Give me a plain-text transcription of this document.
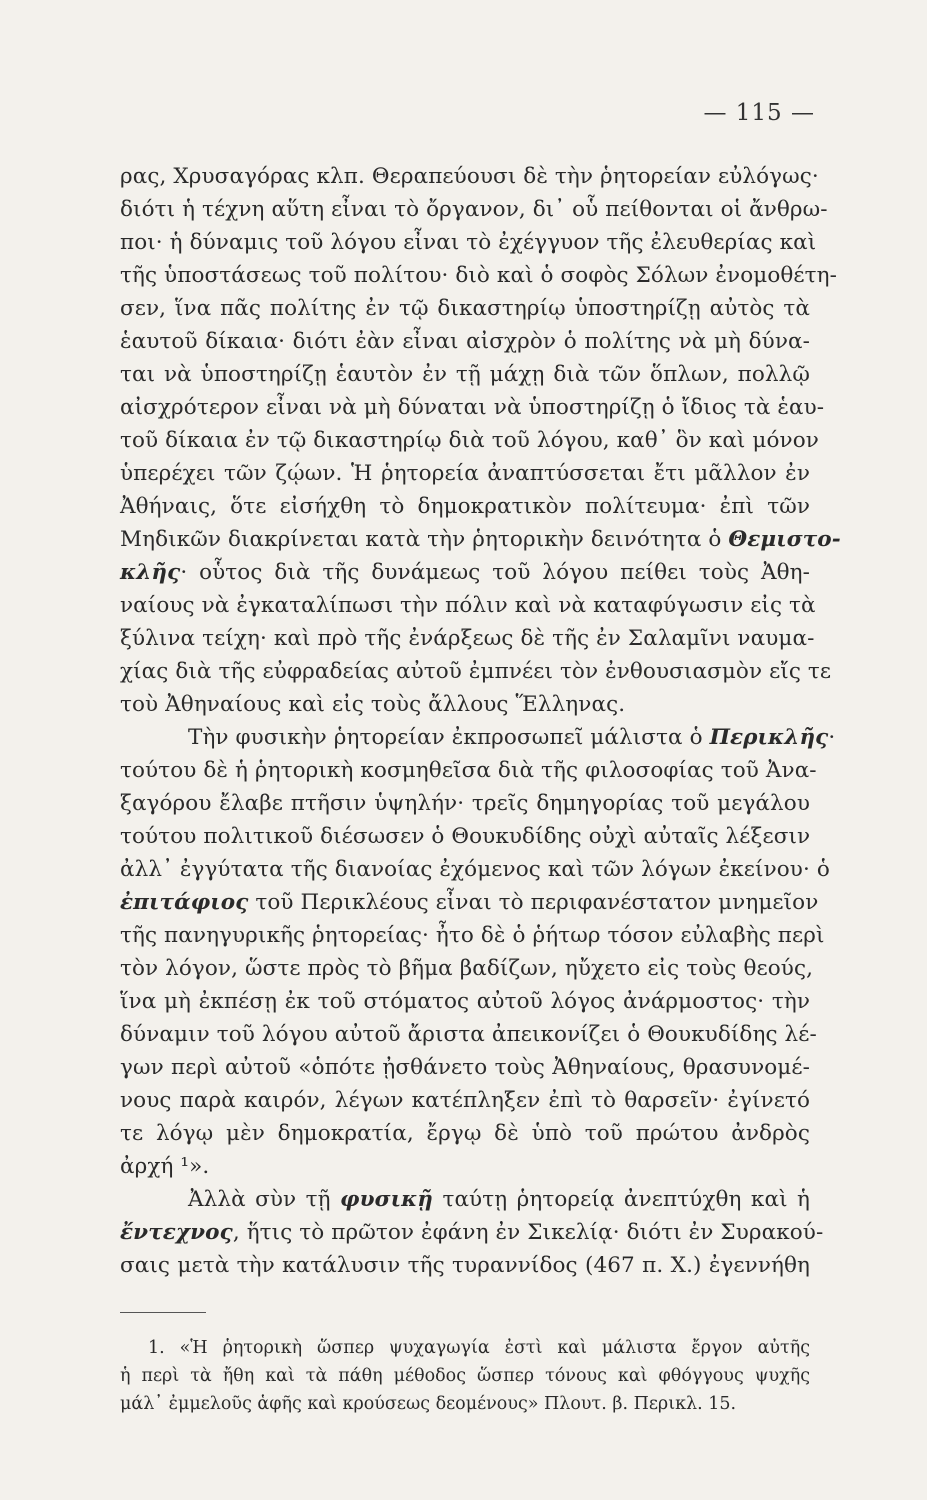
— 115 —
ρας, Χρυσαγόρας κλπ. Θεραπεύουσι δὲ τὴν ῥητορείαν εὐλόγως·
διότι ἡ τέχνη αὕτη εἶναι τὸ ὄργανον, δι᾽ οὗ πείθονται οἱ ἄνθρω-
ποι· ἡ δύναμις τοῦ λόγου εἶναι τὸ ἐχέγγυον τῆς ἐλευθερίας καὶ
τῆς ὑποστάσεως τοῦ πολίτου· διὸ καὶ ὁ σοφὸς Σόλων ἐνομοθέτη-
σεν, ἵνα πᾶς πολίτης ἐν τῷ δικαστηρίῳ ὑποστηρίζῃ αὐτὸς τὰ
ἑαυτοῦ δίκαια· διότι ἐὰν εἶναι αἰσχρὸν ὁ πολίτης νὰ μὴ δύνα-
ται νὰ ὑποστηρίζῃ ἑαυτὸν ἐν τῇ μάχῃ διὰ τῶν ὅπλων, πολλῷ
αἰσχρότερον εἶναι νὰ μὴ δύναται νὰ ὑποστηρίζῃ ὁ ἴδιος τὰ ἑαυ-
τοῦ δίκαια ἐν τῷ δικαστηρίῳ διὰ τοῦ λόγου, καθ᾽ ὃν καὶ μόνον
ὑπερέχει τῶν ζῴων. Ἡ ῥητορεία ἀναπτύσσεται ἔτι μᾶλλον ἐν
Ἀθήναις, ὅτε εἰσήχθη τὸ δημοκρατικὸν πολίτευμα· ἐπὶ τῶν
Μηδικῶν διακρίνεται κατὰ τὴν ῥητορικὴν δεινότητα ὁ Θεμιστο-
κλῆς· οὗτος διὰ τῆς δυνάμεως τοῦ λόγου πείθει τοὺς Ἀθη-
ναίους νὰ ἐγκαταλίπωσι τὴν πόλιν καὶ νὰ καταφύγωσιν εἰς τὰ
ξύλινα τείχη· καὶ πρὸ τῆς ἐνάρξεως δὲ τῆς ἐν Σαλαμῖνι ναυμα-
χίας διὰ τῆς εὐφραδείας αὐτοῦ ἐμπνέει τὸν ἐνθουσιασμὸν εἴς τε
τοὺ Ἀθηναίους καὶ εἰς τοὺς ἄλλους Ἕλληνας.
Τὴν φυσικὴν ῥητορείαν ἐκπροσωπεῖ μάλιστα ὁ Περικλῆς·
τούτου δὲ ἡ ῥητορικὴ κοσμηθεῖσα διὰ τῆς φιλοσοφίας τοῦ Ἀνα-
ξαγόρου ἔλαβε πτῆσιν ὑψηλήν· τρεῖς δημηγορίας τοῦ μεγάλου
τούτου πολιτικοῦ διέσωσεν ὁ Θουκυδίδης οὐχὶ αὐταῖς λέξεσιν
ἀλλ᾽ ἐγγύτατα τῆς διανοίας ἐχόμενος καὶ τῶν λόγων ἐκείνου· ὁ
ἐπιτάφιος τοῦ Περικλέους εἶναι τὸ περιφανέστατον μνημεῖον
τῆς πανηγυρικῆς ῥητορείας· ἦτο δὲ ὁ ῥήτωρ τόσον εὐλαβὴς περὶ
τὸν λόγον, ὥστε πρὸς τὸ βῆμα βαδίζων, ηὔχετο εἰς τοὺς θεούς,
ἵνα μὴ ἐκπέσῃ ἐκ τοῦ στόματος αὐτοῦ λόγος ἀνάρμοστος· τὴν
δύναμιν τοῦ λόγου αὐτοῦ ἄριστα ἀπεικονίζει ὁ Θουκυδίδης λέ-
γων περὶ αὐτοῦ «ὁπότε ᾐσθάνετο τοὺς Ἀθηναίους, θρασυνομέ-
νους παρὰ καιρόν, λέγων κατέπληξεν ἐπὶ τὸ θαρσεῖν· ἐγίνετό
τε λόγῳ μὲν δημοκρατία, ἔργῳ δὲ ὑπὸ τοῦ πρώτου ἀνδρὸς
ἀρχή ¹».
Ἀλλὰ σὺν τῇ φυσικῇ ταύτῃ ῥητορείᾳ ἀνεπτύχθη καὶ ἡ
ἔντεχνος, ἥτις τὸ πρῶτον ἐφάνη ἐν Σικελίᾳ· διότι ἐν Συρακού-
σαις μετὰ τὴν κατάλυσιν τῆς τυραννίδος (467 π. Χ.) ἐγεννήθη
1. «Ἡ ῥητορικὴ ὥσπερ ψυχαγωγία ἐστὶ καὶ μάλιστα ἔργον αὐτῆς
ἡ περὶ τὰ ἤθη καὶ τὰ πάθη μέθοδος ὥσπερ τόνους καὶ φθόγγους ψυχῆς
μάλ᾽ ἐμμελοῦς ἁφῆς καὶ κρούσεως δεομένους» Πλουτ. β. Περικλ. 15.
